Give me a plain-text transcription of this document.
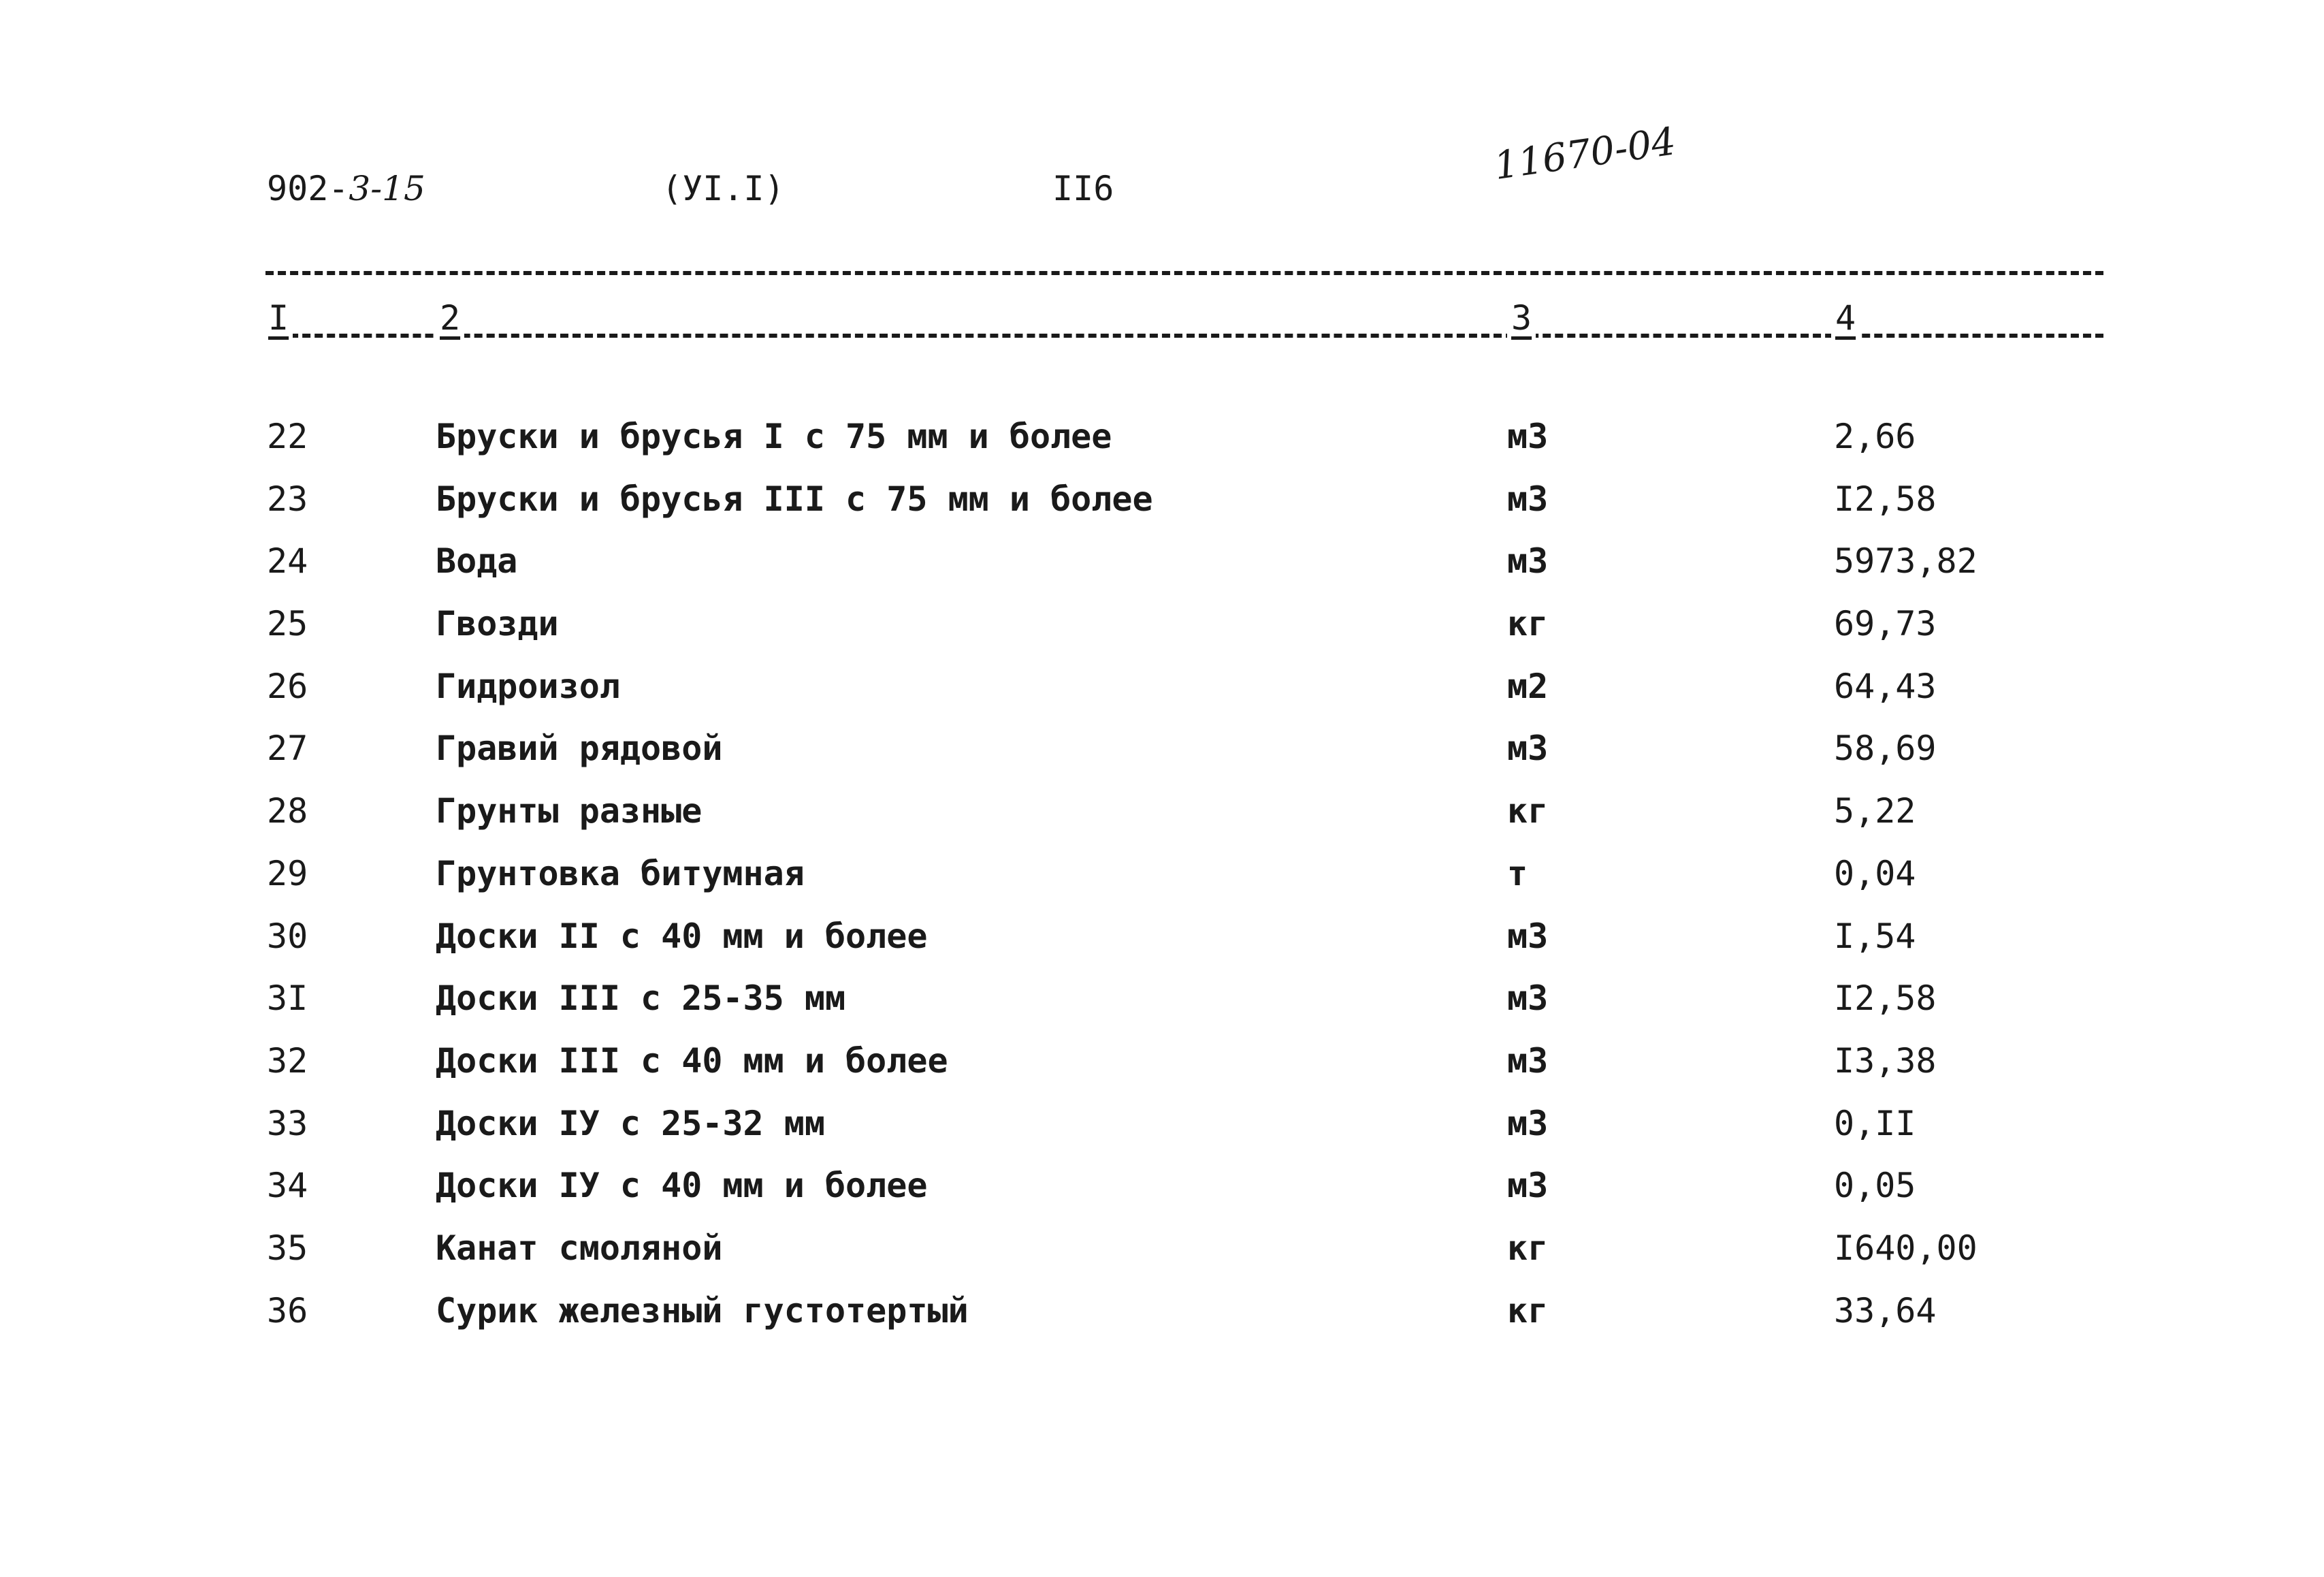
902-3-15	(УI.I)	II6	11670-04
I	2	3	4
22	Бруски и брусья I с 75 мм и более	м3	2,66
23	Бруски и брусья III с 75 мм и более	м3	I2,58
24	Вода	м3	5973,82
25	Гвозди	кг	69,73
26	Гидроизол	м2	64,43
27	Гравий рядовой	м3	58,69
28	Грунты разные	кг	5,22
29	Грунтовка битумная	т	0,04
30	Доски II с 40 мм и более	м3	I,54
3I	Доски III с 25-35 мм	м3	I2,58
32	Доски III с 40 мм и более	м3	I3,38
33	Доски IУ с 25-32 мм	м3	0,II
34	Доски IУ с 40 мм и более	м3	0,05
35	Канат смоляной	кг	I640,00
36	Сурик железный густотертый	кг	33,64
